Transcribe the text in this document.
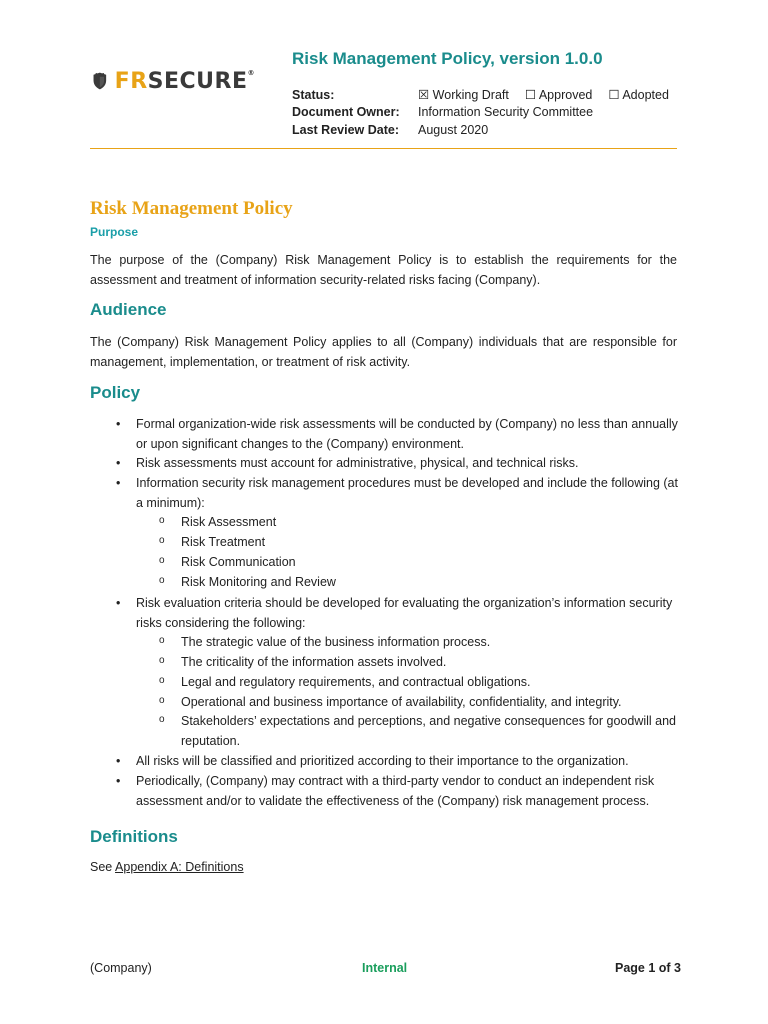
FRSECURE®
Risk Management Policy, version 1.0.0
Status:	☒ Working Draft ☐ Approved ☐ Adopted
Document Owner: Information Security Committee
Last Review Date: August 2020
Risk Management Policy
Purpose
The purpose of the (Company) Risk Management Policy is to establish the requirements for the assessment and treatment of information security-related risks facing (Company).
Audience
The (Company) Risk Management Policy applies to all (Company) individuals that are responsible for management, implementation, or treatment of risk activity.
Policy
• Formal organization-wide risk assessments will be conducted by (Company) no less than annually or upon significant changes to the (Company) environment.
• Risk assessments must account for administrative, physical, and technical risks.
• Information security risk management procedures must be developed and include the following (at a minimum):
o Risk Assessment
o Risk Treatment
o Risk Communication
o Risk Monitoring and Review
• Risk evaluation criteria should be developed for evaluating the organization’s information security risks considering the following:
o The strategic value of the business information process.
o The criticality of the information assets involved.
o Legal and regulatory requirements, and contractual obligations.
o Operational and business importance of availability, confidentiality, and integrity.
o Stakeholders’ expectations and perceptions, and negative consequences for goodwill and reputation.
• All risks will be classified and prioritized according to their importance to the organization.
• Periodically, (Company) may contract with a third-party vendor to conduct an independent risk assessment and/or to validate the effectiveness of the (Company) risk management process.
Definitions
See Appendix A: Definitions
(Company)	Internal	Page 1 of 3
